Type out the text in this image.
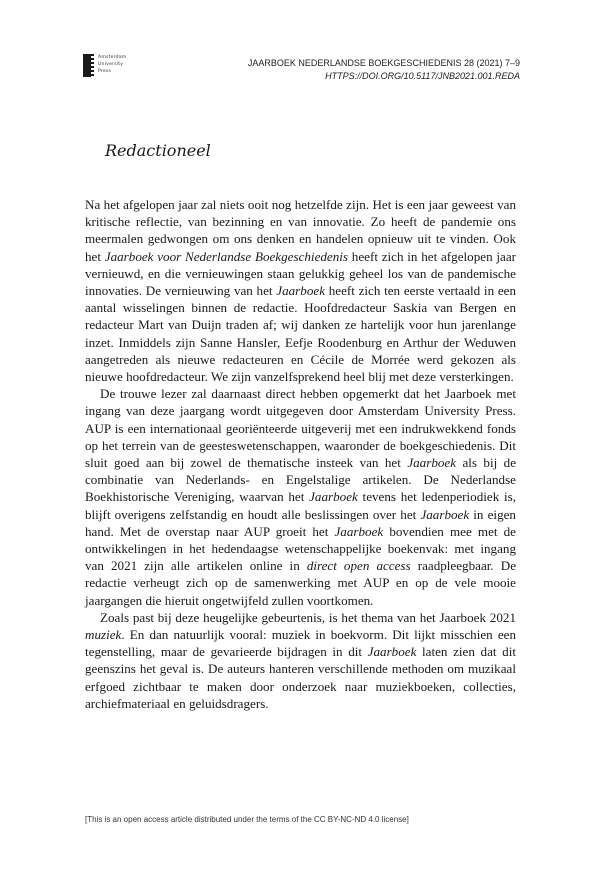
Amsterdam
University
Press
JAARBOEK NEDERLANDSE BOEKGESCHIEDENIS 28 (2021) 7–9
HTTPS://DOI.ORG/10.5117/JNB2021.001.REDA
Redactioneel

Na het afgelopen jaar zal niets ooit nog hetzelfde zijn. Het is een jaar geweest van kritische reflectie, van bezinning en van innovatie. Zo heeft de pandemie ons meermalen gedwongen om ons denken en handelen opnieuw uit te vinden. Ook het Jaarboek voor Nederlandse Boekgeschiedenis heeft zich in het afgelopen jaar vernieuwd, en die vernieuwingen staan gelukkig geheel los van de pandemische innovaties. De vernieuwing van het Jaarboek heeft zich ten eerste vertaald in een aantal wisselingen binnen de redactie. Hoofdredacteur Saskia van Bergen en redacteur Mart van Duijn traden af; wij danken ze hartelijk voor hun jarenlange inzet. Inmiddels zijn Sanne Hansler, Eefje Roodenburg en Arthur der Weduwen aangetreden als nieuwe redacteuren en Cécile de Morrée werd gekozen als nieuwe hoofdredacteur. We zijn vanzelfsprekend heel blij met deze versterkingen.

De trouwe lezer zal daarnaast direct hebben opgemerkt dat het Jaarboek met ingang van deze jaargang wordt uitgegeven door Amsterdam University Press. AUP is een internationaal georiënteerde uitgeverij met een indrukwekkend fonds op het terrein van de geesteswetenschappen, waaronder de boekgeschiedenis. Dit sluit goed aan bij zowel de thematische insteek van het Jaarboek als bij de combinatie van Nederlands- en Engelstalige artikelen. De Nederlandse Boekhistorische Vereniging, waarvan het Jaarboek tevens het ledenperiodiek is, blijft overigens zelfstandig en houdt alle beslissingen over het Jaarboek in eigen hand. Met de overstap naar AUP groeit het Jaarboek bovendien mee met de ontwikkelingen in het hedendaagse wetenschappelijke boekenvak: met ingang van 2021 zijn alle artikelen online in direct open access raadpleegbaar. De redactie verheugt zich op de samenwerking met AUP en op de vele mooie jaargangen die hieruit ongetwijfeld zullen voortkomen.

Zoals past bij deze heugelijke gebeurtenis, is het thema van het Jaarboek 2021 muziek. En dan natuurlijk vooral: muziek in boekvorm. Dit lijkt misschien een tegenstelling, maar de gevarieerde bijdragen in dit Jaarboek laten zien dat dit geenszins het geval is. De auteurs hanteren verschillende methoden om muzikaal erfgoed zichtbaar te maken door onderzoek naar muziekboeken, collecties, archiefmateriaal en geluidsdragers.

[This is an open access article distributed under the terms of the CC BY-NC-ND 4.0 license]
